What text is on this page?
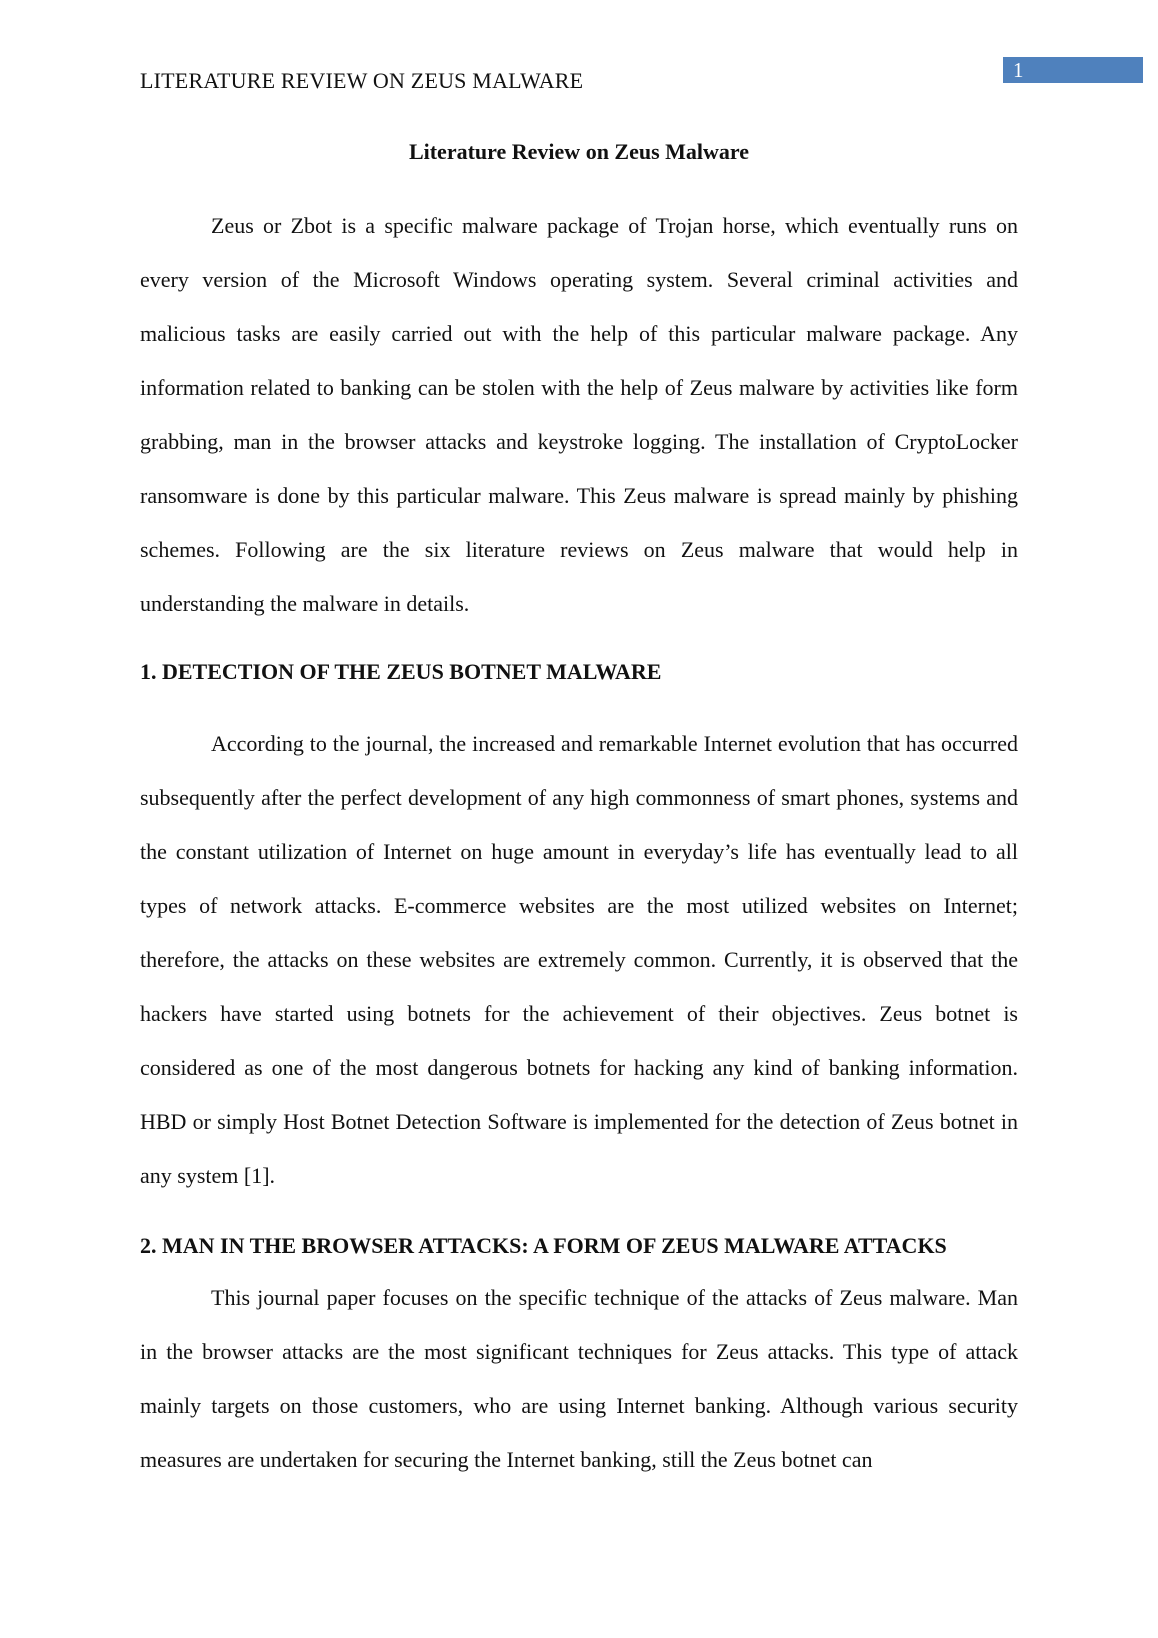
LITERATURE REVIEW ON ZEUS MALWARE	1
Literature Review on Zeus Malware

Zeus or Zbot is a specific malware package of Trojan horse, which eventually runs on every version of the Microsoft Windows operating system. Several criminal activities and malicious tasks are easily carried out with the help of this particular malware package. Any information related to banking can be stolen with the help of Zeus malware by activities like form grabbing, man in the browser attacks and keystroke logging. The installation of CryptoLocker ransomware is done by this particular malware. This Zeus malware is spread mainly by phishing schemes. Following are the six literature reviews on Zeus malware that would help in understanding the malware in details.

1. DETECTION OF THE ZEUS BOTNET MALWARE

According to the journal, the increased and remarkable Internet evolution that has occurred subsequently after the perfect development of any high commonness of smart phones, systems and the constant utilization of Internet on huge amount in everyday’s life has eventually lead to all types of network attacks. E-commerce websites are the most utilized websites on Internet; therefore, the attacks on these websites are extremely common. Currently, it is observed that the hackers have started using botnets for the achievement of their objectives. Zeus botnet is considered as one of the most dangerous botnets for hacking any kind of banking information. HBD or simply Host Botnet Detection Software is implemented for the detection of Zeus botnet in any system [1].

2. MAN IN THE BROWSER ATTACKS: A FORM OF ZEUS MALWARE ATTACKS

This journal paper focuses on the specific technique of the attacks of Zeus malware. Man in the browser attacks are the most significant techniques for Zeus attacks. This type of attack mainly targets on those customers, who are using Internet banking. Although various security measures are undertaken for securing the Internet banking, still the Zeus botnet can
